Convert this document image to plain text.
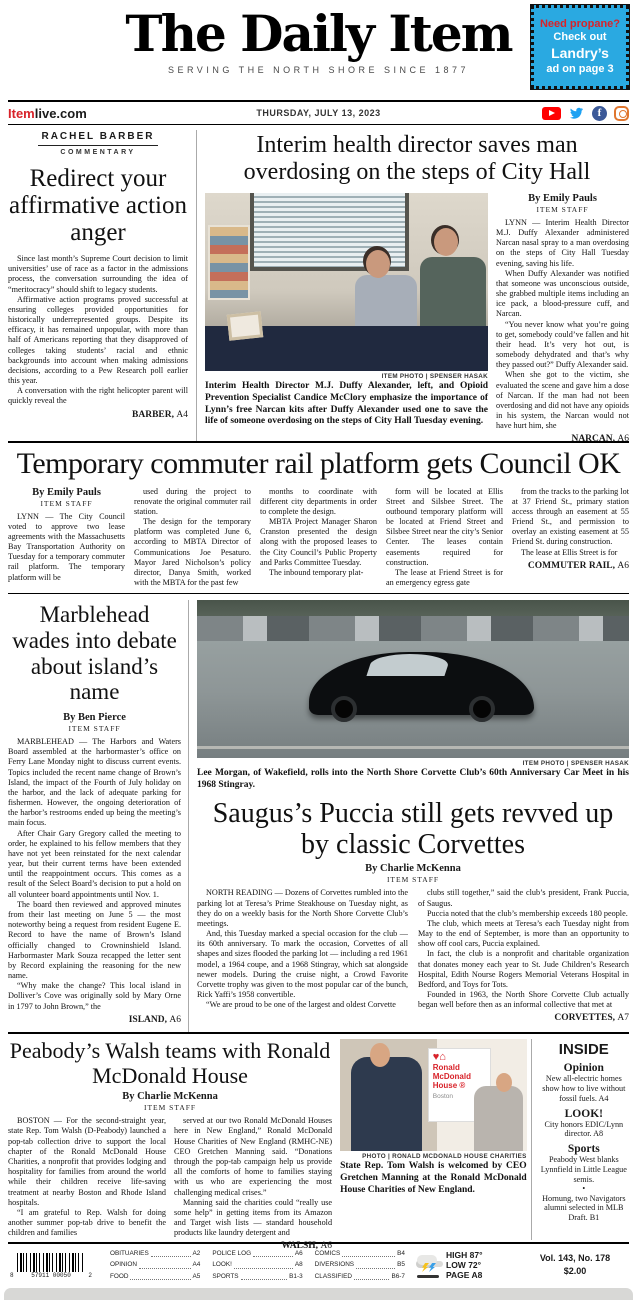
The Daily Item
SERVING THE NORTH SHORE SINCE 1877
Need propane?
Check out
Landry’s
ad on page 3
Itemlive.com	THURSDAY, JULY 13, 2023	f
RACHEL BARBER
COMMENTARY
Redirect your affirmative action anger

Since last month’s Supreme Court decision to limit universities’ use of race as a factor in the admissions process, the conversation surrounding the idea of “meritocracy” should shift to legacy students.

Affirmative action programs proved successful at ensuring colleges provided opportunities for historically underrepresented groups. Despite its efficacy, it has remained unpopular, with more than half of Americans reporting that they disapproved of colleges taking students’ racial and ethnic backgrounds into account when making admissions decisions, according to a Pew Research poll earlier this year.

A conversation with the right helicopter parent will quickly reveal the

BARBER, A4
Interim health director saves man overdosing on the steps of City Hall
ITEM PHOTO | SPENSER HASAK
Interim Health Director M.J. Duffy Alexander, left, and Opioid Prevention Specialist Candice McClory emphasize the importance of Lynn’s free Narcan kits after Duffy Alexander used one to save the life of someone overdosing on the steps of City Hall Tuesday evening.
By Emily Pauls
ITEM STAFF

LYNN — Interim Health Director M.J. Duffy Alexander administered Narcan nasal spray to a man overdosing on the steps of City Hall Tuesday evening, saving his life.

When Duffy Alexander was notified that someone was unconscious outside, she grabbed multiple items including an ice pack, a blood-pressure cuff, and Narcan.

“You never know what you’re going to get, somebody could’ve fallen and hit their head. It’s very hot out, is somebody dehydrated and that’s why they passed out?” Duffy Alexander said.

When she got to the victim, she evaluated the scene and gave him a dose of Narcan. If the man had not been overdosing and did not have any opioids in his system, the Narcan would not have hurt him, she

NARCAN, A6
Temporary commuter rail platform gets Council OK
By Emily Pauls
ITEM STAFF

LYNN — The City Council voted to approve two lease agreements with the Massachusetts Bay Transportation Authority on Tuesday for a temporary commuter rail platform. The temporary platform will be

used during the project to renovate the original commuter rail station.

The design for the temporary platform was completed June 6, according to MBTA Director of Communications Joe Pesaturo. Mayor Jared Nicholson’s policy director, Danya Smith, worked with the MBTA for the past few

months to coordinate with different city departments in order to complete the design.

MBTA Project Manager Sharon Cranston presented the design along with the proposed leases to the City Council’s Public Property and Parks Committee Tuesday.

The inbound temporary plat-

form will be located at Ellis Street and Silsbee Street. The outbound temporary platform will be located at Friend Street and Silsbee Street near the city’s Senior Center. The leases contain easements required for construction.

The lease at Friend Street is for an emergency egress gate

from the tracks to the parking lot at 37 Friend St., primary station access through an easement at 55 Friend St., and permission to overlay an existing easement at 55 Friend St. during construction.

The lease at Ellis Street is for

COMMUTER RAIL, A6
Marblehead wades into debate about island’s name
By Ben Pierce
ITEM STAFF

MARBLEHEAD — The Harbors and Waters Board assembled at the harbormaster’s office on Ferry Lane Monday night to discuss current events. Topics included the recent name change of Brown’s Island, the impact of the Fourth of July holiday on the harbor, and the lack of adequate parking for fishermen. However, the ongoing deterioration of the harbor’s restrooms ended up being the meeting’s main focus.

After Chair Gary Gregory called the meeting to order, he explained to his fellow members that they have not yet been reinstated for the next calendar year, but their current terms have been extended until the reappointment occurs. This comes as a result of the Select Board’s decision to put a hold on all volunteer board appointments until Nov. 1.

The board then reviewed and approved minutes from their last meeting on June 5 — the most noteworthy being a request from resident Eugene E. Record to have the name of Brown’s Island officially changed to Crowninshield Island. Harbormaster Mark Souza recapped the letter sent by Record explaining the reasoning for the new name.

“Why make the change? This local island in Dolliver’s Cove was originally sold by Mary Orne in 1797 to John Brown,” the

ISLAND, A6
ITEM PHOTO | SPENSER HASAK
Lee Morgan, of Wakefield, rolls into the North Shore Corvette Club’s 60th Anniversary Car Meet in his 1968 Stingray.
Saugus’s Puccia still gets revved up by classic Corvettes
By Charlie McKenna
ITEM STAFF

NORTH READING — Dozens of Corvettes rumbled into the parking lot at Teresa’s Prime Steakhouse on Tuesday night, as they do on a weekly basis for the North Shore Corvette Club’s meetings.

And, this Tuesday marked a special occasion for the club — its 60th anniversary. To mark the occasion, Corvettes of all shapes and sizes flooded the parking lot — including a red 1961 model, a 1964 coupe, and a 1968 Stingray, which sat alongside newer models. During the cruise night, a Crowd Favorite Corvette trophy was given to the most popular car of the bunch, Rick Yaffi’s 1958 convertible.

“We are proud to be one of the largest and oldest Corvette

clubs still together,” said the club’s president, Frank Puccia, of Saugus.

Puccia noted that the club’s membership exceeds 180 people.

The club, which meets at Teresa’s each Tuesday night from May to the end of September, is more than an opportunity to show off cool cars, Puccia explained.

In fact, the club is a nonprofit and charitable organization that donates money each year to St. Jude Children’s Research Hospital, Edith Nourse Rogers Memorial Veterans Hospital in Bedford, and Toys for Tots.

Founded in 1963, the North Shore Corvette Club actually began well before then as an informal collective that met at

CORVETTES, A7
Peabody’s Walsh teams with Ronald McDonald House
By Charlie McKenna
ITEM STAFF

BOSTON — For the second-straight year, state Rep. Tom Walsh (D-Peabody) launched a pop-tab collection drive to support the local chapter of the Ronald McDonald House Charities, a nonprofit that provides lodging and hospitality for families from around the world while their children receive life-saving treatment at nearby Boston and Rhode Island hospitals.

“I am grateful to Rep. Walsh for doing another summer pop-tab drive to benefit the children and families

served at our two Ronald McDonald Houses here in New England,” Ronald McDonald House Charities of New England (RMHC-NE) CEO Gretchen Manning said. “Donations through the pop-tab campaign help us provide all the comforts of home to families staying with us who are experiencing the most challenging medical crises.”

Manning said the charities could “really use some help” in getting items from its Amazon and Target wish lists — standard household products like laundry detergent and

WALSH, A6
♥⌂
Ronald
McDonald
House ®
Boston
PHOTO | RONALD MCDONALD HOUSE CHARITIES
State Rep. Tom Walsh is welcomed by CEO Gretchen Manning at the Ronald McDonald House Charities of New England.
INSIDE
Opinion
New all-electric homes show how to live without fossil fuels. A4
LOOK!
City honors EDIC/Lynn director. A8
Sports
Peabody West blanks Lynnfield in Little League semis.
•
Hornung, two Navigators alumni selected in MLB Draft. B1
8	57911 00050	2
OBITUARIES	A2
OPINION	A4
FOOD	A5
POLICE LOG	A6
LOOK!	A8
SPORTS	B1-3
COMICS	B4
DIVERSIONS	B5
CLASSIFIED	B6-7
HIGH 87°
LOW 72°
PAGE A8
Vol. 143, No. 178
$2.00
